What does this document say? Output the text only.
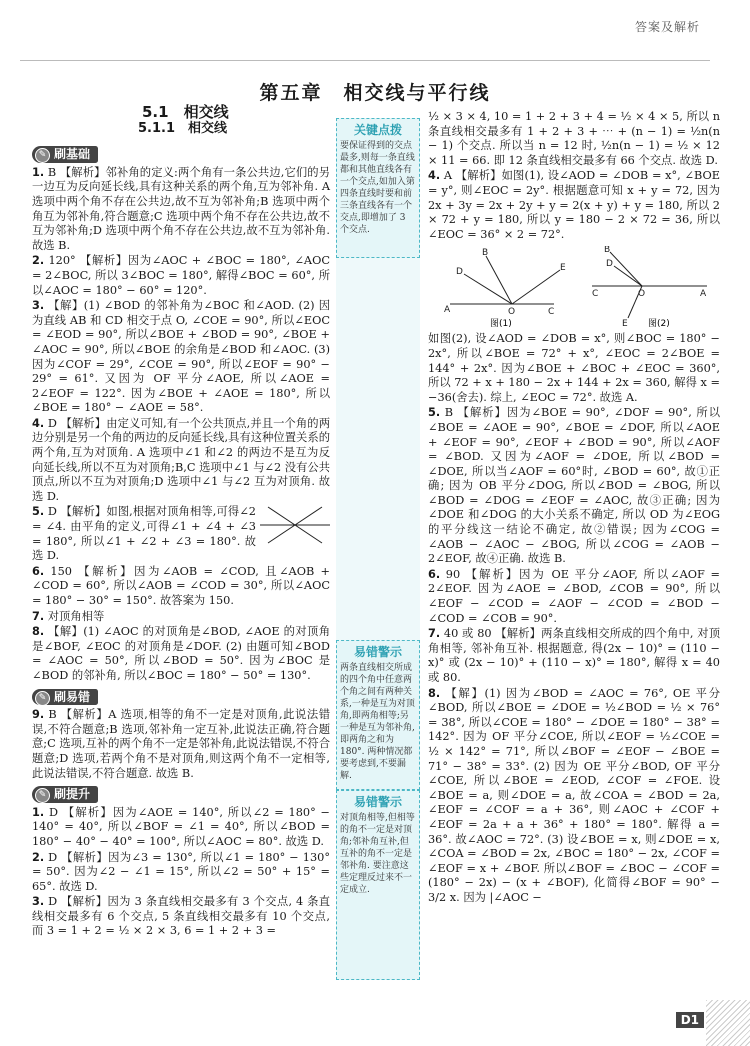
答案及解析
第五章　相交线与平行线
5.1　相交线
5.1.1　相交线
✎ 刷基础
1. B 【解析】邻补角的定义:两个角有一条公共边,它们的另一边互为反向延长线,具有这种关系的两个角,互为邻补角. A 选项中两个角不存在公共边,故不互为邻补角;B 选项中两个角互为邻补角,符合题意;C 选项中两个角不存在公共边,故不互为邻补角;D 选项中两个角不存在公共边,故不互为邻补角. 故选 B.
2. 120° 【解析】因为∠AOC + ∠BOC = 180°, ∠AOC = 2∠BOC, 所以 3∠BOC = 180°, 解得∠BOC = 60°, 所以∠AOC = 180° − 60° = 120°.
3. 【解】(1) ∠BOD 的邻补角为∠BOC 和∠AOD. (2) 因为直线 AB 和 CD 相交于点 O, ∠COE = 90°, 所以∠EOC = ∠EOD = 90°, 所以∠BOE + ∠BOD = 90°, ∠BOE + ∠AOC = 90°, 所以∠BOE 的余角是∠BOD 和∠AOC. (3) 因为∠COF = 29°, ∠COE = 90°, 所以∠EOF = 90° − 29° = 61°. 又因为 OF 平分∠AOE, 所以∠AOE = 2∠EOF = 122°. 因为∠BOE + ∠AOE = 180°, 所以∠BOE = 180° − ∠AOE = 58°.
4. D 【解析】由定义可知,有一个公共顶点,并且一个角的两边分别是另一个角的两边的反向延长线,具有这种位置关系的两个角,互为对顶角. A 选项中∠1 和∠2 的两边不是互为反向延长线,所以不互为对顶角;B,C 选项中∠1 与∠2 没有公共顶点,所以不互为对顶角;D 选项中∠1 与∠2 互为对顶角. 故选 D.
5. D 【解析】如图,根据对顶角相等,可得∠2 = ∠4. 由平角的定义,可得∠1 + ∠4 + ∠3 = 180°, 所以∠1 + ∠2 + ∠3 = 180°. 故选 D.
6. 150 【解析】因为∠AOB = ∠COD, 且∠AOB + ∠COD = 60°, 所以∠AOB = ∠COD = 30°, 所以∠AOC = 180° − 30° = 150°. 故答案为 150.
7. 对顶角相等
8. 【解】(1) ∠AOC 的对顶角是∠BOD, ∠AOE 的对顶角是∠BOF, ∠EOC 的对顶角是∠DOF. (2) 由题可知∠BOD = ∠AOC = 50°, 所以∠BOD = 50°. 因为∠BOC 是∠BOD 的邻补角, 所以∠BOC = 180° − 50° = 130°.
✎ 刷易错
9. B 【解析】A 选项,相等的角不一定是对顶角,此说法错误,不符合题意;B 选项,邻补角一定互补,此说法正确,符合题意;C 选项,互补的两个角不一定是邻补角,此说法错误,不符合题意;D 选项,若两个角不是对顶角,则这两个角不一定相等,此说法错误,不符合题意. 故选 B.
✎ 刷提升
1. D 【解析】因为∠AOE = 140°, 所以∠2 = 180° − 140° = 40°, 所以∠BOF = ∠1 = 40°, 所以∠BOD = 180° − 40° − 40° = 100°, 所以∠AOC = 80°. 故选 D.
2. D 【解析】因为∠3 = 130°, 所以∠1 = 180° − 130° = 50°. 因为∠2 − ∠1 = 15°, 所以∠2 = 50° + 15° = 65°. 故选 D.
3. D 【解析】因为 3 条直线相交最多有 3 个交点, 4 条直线相交最多有 6 个交点, 5 条直线相交最多有 10 个交点, 而 3 = 1 + 2 = ½ × 2 × 3, 6 = 1 + 2 + 3 =
关键点拨
要保证得到的交点最多,则每一条直线都和其他直线各有一个交点,如加入第四条直线时要和前三条直线各有一个交点,即增加了 3 个交点.
易错警示
两条直线相交所成的四个角中任意两个角之间有两种关系,一种是互为对顶角,即两角相等;另一种是互为邻补角,即两角之和为 180°. 两种情况都要考虑到,不要漏解.
易错警示
对顶角相等,但相等的角不一定是对顶角;邻补角互补,但互补的角不一定是邻补角. 要注意这些定理反过来不一定成立.
½ × 3 × 4, 10 = 1 + 2 + 3 + 4 = ½ × 4 × 5, 所以 n 条直线相交最多有 1 + 2 + 3 + ⋯ + (n − 1) = ½n(n − 1) 个交点. 所以当 n = 12 时, ½n(n − 1) = ½ × 12 × 11 = 66. 即 12 条直线相交最多有 66 个交点. 故选 D.
4. A 【解析】如图(1), 设∠AOD = ∠DOB = x°, ∠BOE = y°, 则∠EOC = 2y°. 根据题意可知 x + y = 72, 因为 2x + 3y = 2x + 2y + y = 2(x + y) + y = 180, 所以 2 × 72 + y = 180, 所以 y = 180 − 2 × 72 = 36, 所以∠EOC = 36° × 2 = 72°.
A	O	C
B
D	E
C	O	A
D
B
E
图(1)	图(2)
如图(2), 设∠AOD = ∠DOB = x°, 则∠BOC = 180° − 2x°, 所以∠BOE = 72° + x°, ∠EOC = 2∠BOE = 144° + 2x°. 因为∠BOE + ∠BOC + ∠EOC = 360°, 所以 72 + x + 180 − 2x + 144 + 2x = 360, 解得 x = −36(舍去). 综上, ∠EOC = 72°. 故选 A.
5. B 【解析】因为∠BOE = 90°, ∠DOF = 90°, 所以∠BOE = ∠AOE = 90°, ∠BOE = ∠DOF, 所以∠AOE + ∠EOF = 90°, ∠EOF + ∠BOD = 90°, 所以∠AOF = ∠BOD. 又因为∠AOF = ∠DOE, 所以∠BOD = ∠DOE, 所以当∠AOF = 60°时, ∠BOD = 60°, 故①正确; 因为 OB 平分∠DOG, 所以∠BOD = ∠BOG, 所以∠BOD = ∠DOG = ∠EOF = ∠AOC, 故③正确; 因为∠DOE 和∠DOG 的大小关系不确定, 所以 OD 为∠EOG 的平分线这一结论不确定, 故②错误; 因为∠COG = ∠AOB − ∠AOC − ∠BOG, 所以∠COG = ∠AOB − 2∠EOF, 故④正确. 故选 B.
6. 90 【解析】因为 OE 平分∠AOF, 所以∠AOF = 2∠EOF. 因为∠AOE = ∠BOD, ∠COB = 90°, 所以∠EOF − ∠COD = ∠AOF − ∠COD = ∠BOD − ∠COD = ∠COB = 90°.
7. 40 或 80 【解析】两条直线相交所成的四个角中, 对顶角相等, 邻补角互补. 根据题意, 得(2x − 10)° = (110 − x)° 或 (2x − 10)° + (110 − x)° = 180°, 解得 x = 40 或 80.
8. 【解】(1) 因为∠BOD = ∠AOC = 76°, OE 平分∠BOD, 所以∠BOE = ∠DOE = ½∠BOD = ½ × 76° = 38°, 所以∠COE = 180° − ∠DOE = 180° − 38° = 142°. 因为 OF 平分∠COE, 所以∠EOF = ½∠COE = ½ × 142° = 71°, 所以∠BOF = ∠EOF − ∠BOE = 71° − 38° = 33°. (2) 因为 OE 平分∠BOD, OF 平分∠COE, 所以∠BOE = ∠EOD, ∠COF = ∠FOE. 设∠BOE = a, 则∠DOE = a, 故∠COA = ∠BOD = 2a, ∠EOF = ∠COF = a + 36°, 则∠AOC + ∠COF + ∠EOF = 2a + a + 36° + 180° = 180°. 解得 a = 36°. 故∠AOC = 72°. (3) 设∠BOE = x, 则∠DOE = x, ∠COA = ∠BOD = 2x, ∠BOC = 180° − 2x, ∠COF = ∠EOF = x + ∠BOF. 所以∠BOF = ∠BOC − ∠COF = (180° − 2x) − (x + ∠BOF), 化简得∠BOF = 90° − 3/2 x. 因为 |∠AOC −
D1
